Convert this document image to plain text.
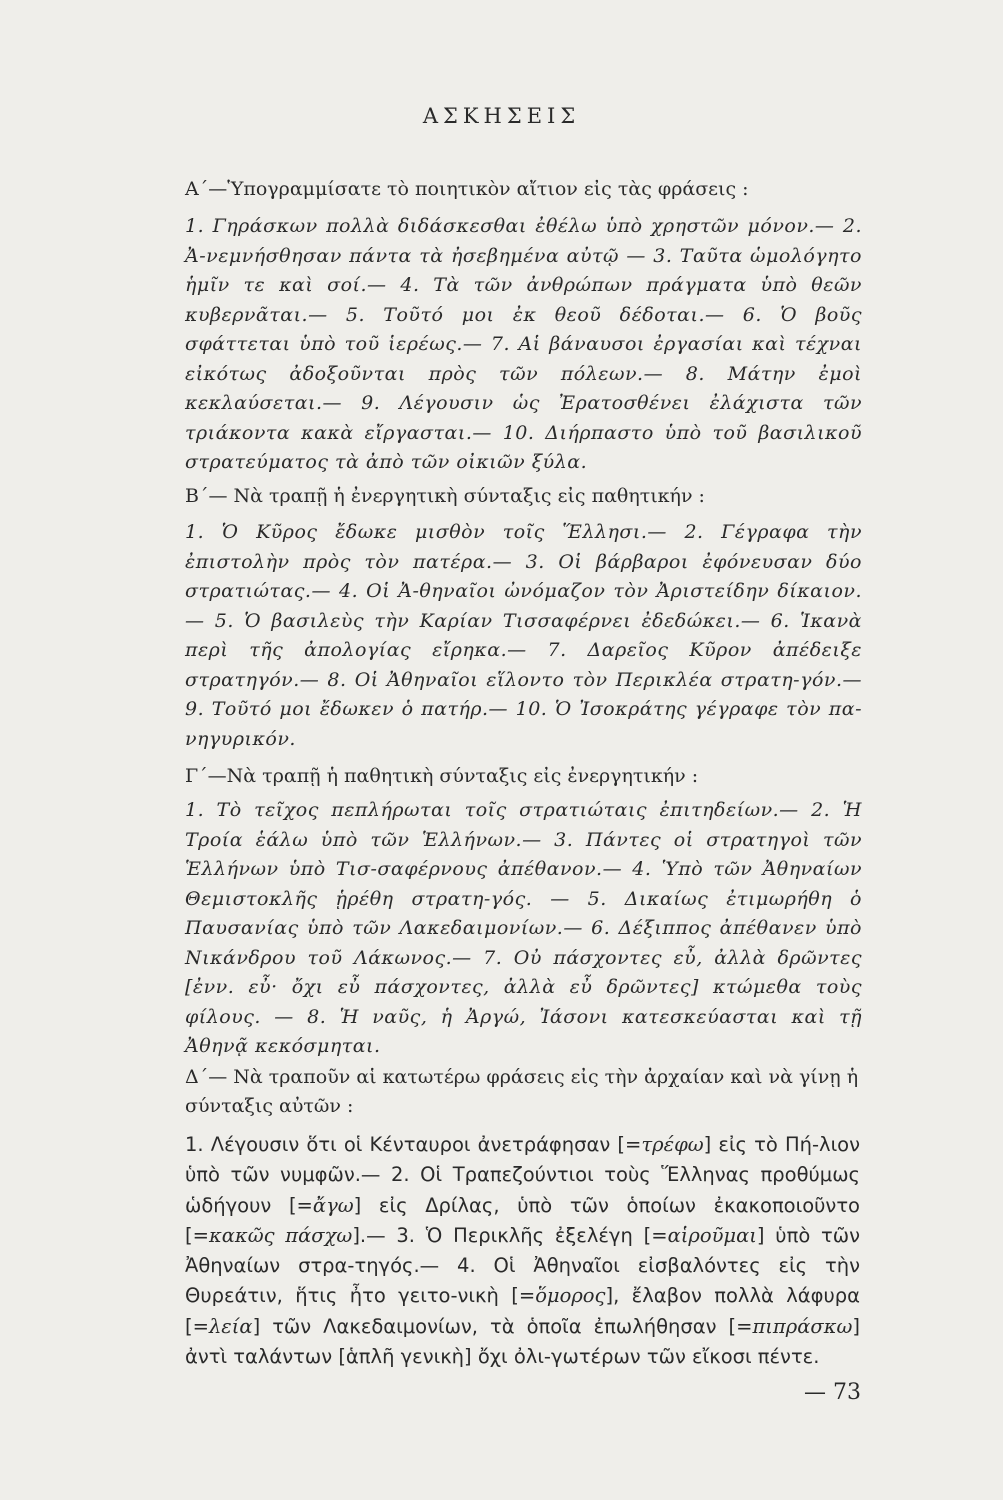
ΑΣΚΗΣΕΙΣ
Α΄—Ὑπογραμμίσατε τὸ ποιητικὸν αἴτιον εἰς τὰς φράσεις :
1. Γηράσκων πολλὰ διδάσκεσθαι ἐθέλω ὑπὸ χρηστῶν μόνον.— 2. Ἀ-νεμνήσθησαν πάντα τὰ ἠσεβημένα αὐτῷ — 3. Ταῦτα ὡμολόγητο ἡμῖν τε καὶ σοί.— 4. Τὰ τῶν ἀνθρώπων πράγματα ὑπὸ θεῶν κυβερνᾶται.— 5. Τοῦτό μοι ἐκ θεοῦ δέδοται.— 6. Ὁ βοῦς σφάττεται ὑπὸ τοῦ ἱερέως.— 7. Αἱ βάναυσοι ἐργασίαι καὶ τέχναι εἰκότως ἀδοξοῦνται πρὸς τῶν πόλεων.— 8. Μάτην ἐμοὶ κεκλαύσεται.— 9. Λέγουσιν ὡς Ἐρατοσθένει ἐλάχιστα τῶν τριάκοντα κακὰ εἴργασται.— 10. Διήρπαστο ὑπὸ τοῦ βασιλικοῦ στρατεύματος τὰ ἀπὸ τῶν οἰκιῶν ξύλα.
Β΄— Νὰ τραπῇ ἡ ἐνεργητικὴ σύνταξις εἰς παθητικήν :
1. Ὁ Κῦρος ἔδωκε μισθὸν τοῖς Ἕλλησι.— 2. Γέγραφα τὴν ἐπιστολὴν πρὸς τὸν πατέρα.— 3. Οἱ βάρβαροι ἐφόνευσαν δύο στρατιώτας.— 4. Οἱ Ἀ-θηναῖοι ὠνόμαζον τὸν Ἀριστείδην δίκαιον.— 5. Ὁ βασιλεὺς τὴν Καρίαν Τισσαφέρνει ἐδεδώκει.— 6. Ἱκανὰ περὶ τῆς ἀπολογίας εἴρηκα.— 7. Δαρεῖος Κῦρον ἀπέδειξε στρατηγόν.— 8. Οἱ Ἀθηναῖοι εἵλοντο τὸν Περικλέα στρατη-γόν.— 9. Τοῦτό μοι ἔδωκεν ὁ πατήρ.— 10. Ὁ Ἰσοκράτης γέγραφε τὸν πα-νηγυρικόν.
Γ΄—Νὰ τραπῇ ἡ παθητικὴ σύνταξις εἰς ἐνεργητικήν :
1. Τὸ τεῖχος πεπλήρωται τοῖς στρατιώταις ἐπιτηδείων.— 2. Ἡ Τροία ἑάλω ὑπὸ τῶν Ἑλλήνων.— 3. Πάντες οἱ στρατηγοὶ τῶν Ἑλλήνων ὑπὸ Τισ-σαφέρνους ἀπέθανον.— 4. Ὑπὸ τῶν Ἀθηναίων Θεμιστοκλῆς ᾑρέθη στρατη-γός. — 5. Δικαίως ἐτιμωρήθη ὁ Παυσανίας ὑπὸ τῶν Λακεδαιμονίων.— 6. Δέξιππος ἀπέθανεν ὑπὸ Νικάνδρου τοῦ Λάκωνος.— 7. Οὐ πάσχοντες εὖ, ἀλλὰ δρῶντες [ἐνν. εὖ· ὄχι εὖ πάσχοντες, ἀλλὰ εὖ δρῶντες] κτώμεθα τοὺς φίλους. — 8. Ἡ ναῦς, ἡ Ἀργώ, Ἰάσονι κατεσκεύασται καὶ τῇ Ἀθηνᾷ κεκόσμηται.
Δ΄— Νὰ τραποῦν αἱ κατωτέρω φράσεις εἰς τὴν ἀρχαίαν καὶ νὰ γίνῃ ἡ σύνταξις αὐτῶν :
1. Λέγουσιν ὅτι οἱ Κένταυροι ἀνετράφησαν [=τρέφω] εἰς τὸ Πή-λιον ὑπὸ τῶν νυμφῶν.— 2. Οἱ Τραπεζούντιοι τοὺς Ἕλληνας προθύμως ὡδήγουν [=ἄγω] εἰς Δρίλας, ὑπὸ τῶν ὁποίων ἐκακοποιοῦντο [=κακῶς πάσχω].— 3. Ὁ Περικλῆς ἐξελέγη [=αἱροῦμαι] ὑπὸ τῶν Ἀθηναίων στρα-τηγός.— 4. Οἱ Ἀθηναῖοι εἰσβαλόντες εἰς τὴν Θυρεάτιν, ἥτις ἦτο γειτο-νικὴ [=ὅμορος], ἔλαβον πολλὰ λάφυρα [=λεία] τῶν Λακεδαιμονίων, τὰ ὁποῖα ἐπωλήθησαν [=πιπράσκω] ἀντὶ ταλάντων [ἁπλῆ γενικὴ] ὄχι ὀλι-γωτέρων τῶν εἴκοσι πέντε.
— 73
